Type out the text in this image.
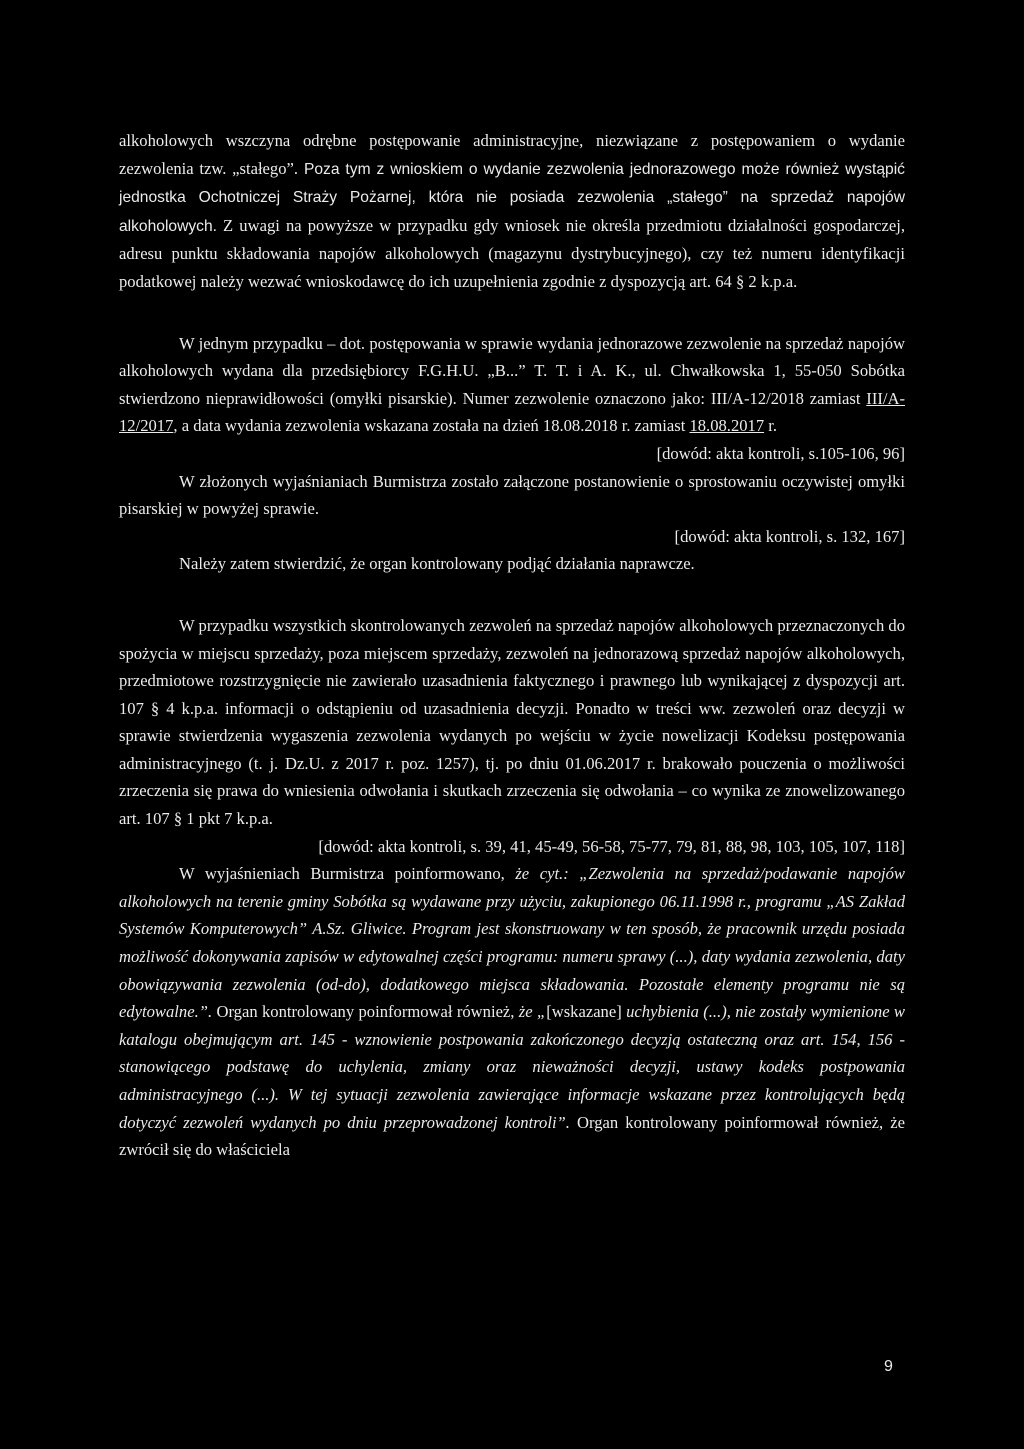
alkoholowych wszczyna odrębne postępowanie administracyjne, niezwiązane z postępowaniem o wydanie zezwolenia tzw. „stałego”. Poza tym z wnioskiem o wydanie zezwolenia jednorazowego może również wystąpić jednostka Ochotniczej Straży Pożarnej, która nie posiada zezwolenia „stałego” na sprzedaż napojów alkoholowych. Z uwagi na powyższe w przypadku gdy wniosek nie określa przedmiotu działalności gospodarczej, adresu punktu składowania napojów alkoholowych (magazynu dystrybucyjnego), czy też numeru identyfikacji podatkowej należy wezwać wnioskodawcę do ich uzupełnienia zgodnie z dyspozycją art. 64 § 2 k.p.a.

W jednym przypadku – dot. postępowania w sprawie wydania jednorazowe zezwolenie na sprzedaż napojów alkoholowych wydana dla przedsiębiorcy F.G.H.U. „B...” T. T. i A. K., ul. Chwałkowska 1, 55-050 Sobótka stwierdzono nieprawidłowości (omyłki pisarskie). Numer zezwolenie oznaczono jako: III/A-12/2018 zamiast III/A-12/2017, a data wydania zezwolenia wskazana została na dzień 18.08.2018 r. zamiast 18.08.2017 r.

[dowód: akta kontroli, s.105-106, 96]

W złożonych wyjaśnianiach Burmistrza zostało załączone postanowienie o sprostowaniu oczywistej omyłki pisarskiej w powyżej sprawie.

[dowód: akta kontroli, s. 132, 167]

Należy zatem stwierdzić, że organ kontrolowany podjąć działania naprawcze.

W przypadku wszystkich skontrolowanych zezwoleń na sprzedaż napojów alkoholowych przeznaczonych do spożycia w miejscu sprzedaży, poza miejscem sprzedaży, zezwoleń na jednorazową sprzedaż napojów alkoholowych, przedmiotowe rozstrzygnięcie nie zawierało uzasadnienia faktycznego i prawnego lub wynikającej z dyspozycji art. 107 § 4 k.p.a. informacji o odstąpieniu od uzasadnienia decyzji. Ponadto w treści ww. zezwoleń oraz decyzji w sprawie stwierdzenia wygaszenia zezwolenia wydanych po wejściu w życie nowelizacji Kodeksu postępowania administracyjnego (t. j. Dz.U. z 2017 r. poz. 1257), tj. po dniu 01.06.2017 r. brakowało pouczenia o możliwości zrzeczenia się prawa do wniesienia odwołania i skutkach zrzeczenia się odwołania – co wynika ze znowelizowanego art. 107 § 1 pkt 7 k.p.a.

[dowód: akta kontroli, s. 39, 41, 45-49, 56-58, 75-77, 79, 81, 88, 98, 103, 105, 107, 118]

W wyjaśnieniach Burmistrza poinformowano, że cyt.: „Zezwolenia na sprzedaż/podawanie napojów alkoholowych na terenie gminy Sobótka są wydawane przy użyciu, zakupionego 06.11.1998 r., programu „AS Zakład Systemów Komputerowych” A.Sz. Gliwice. Program jest skonstruowany w ten sposób, że pracownik urzędu posiada możliwość dokonywania zapisów w edytowalnej części programu: numeru sprawy (...), daty wydania zezwolenia, daty obowiązywania zezwolenia (od-do), dodatkowego miejsca składowania. Pozostałe elementy programu nie są edytowalne.”. Organ kontrolowany poinformował również, że „[wskazane] uchybienia (...), nie zostały wymienione w katalogu obejmującym art. 145 - wznowienie postpowania zakończonego decyzją ostateczną oraz art. 154, 156 - stanowiącego podstawę do uchylenia, zmiany oraz nieważności decyzji, ustawy kodeks postpowania administracyjnego (...). W tej sytuacji zezwolenia zawierające informacje wskazane przez kontrolujących będą dotyczyć zezwoleń wydanych po dniu przeprowadzonej kontroli”. Organ kontrolowany poinformował również, że zwrócił się do właściciela

9
